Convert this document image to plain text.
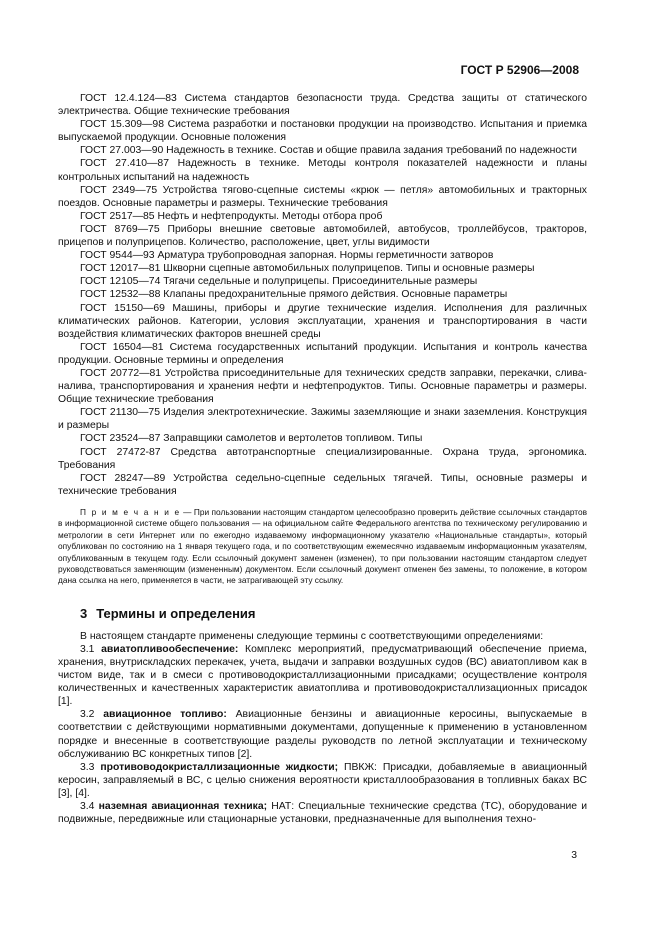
ГОСТ Р 52906—2008

ГОСТ 12.4.124—83 Система стандартов безопасности труда. Средства защиты от статического электричества. Общие технические требования

ГОСТ 15.309—98 Система разработки и постановки продукции на производство. Испытания и приемка выпускаемой продукции. Основные положения

ГОСТ 27.003—90 Надежность в технике. Состав и общие правила задания требований по надежности

ГОСТ 27.410—87 Надежность в технике. Методы контроля показателей надежности и планы контрольных испытаний на надежность

ГОСТ 2349—75 Устройства тягово-сцепные системы «крюк — петля» автомобильных и тракторных поездов. Основные параметры и размеры. Технические требования

ГОСТ 2517—85 Нефть и нефтепродукты. Методы отбора проб

ГОСТ 8769—75 Приборы внешние световые автомобилей, автобусов, троллейбусов, тракторов, прицепов и полуприцепов. Количество, расположение, цвет, углы видимости

ГОСТ 9544—93 Арматура трубопроводная запорная. Нормы герметичности затворов

ГОСТ 12017—81 Шкворни сцепные автомобильных полуприцепов. Типы и основные размеры

ГОСТ 12105—74 Тягачи седельные и полуприцепы. Присоединительные размеры

ГОСТ 12532—88 Клапаны предохранительные прямого действия. Основные параметры

ГОСТ 15150—69 Машины, приборы и другие технические изделия. Исполнения для различных климатических районов. Категории, условия эксплуатации, хранения и транспортирования в части воздействия климатических факторов внешней среды

ГОСТ 16504—81 Система государственных испытаний продукции. Испытания и контроль качества продукции. Основные термины и определения

ГОСТ 20772—81 Устройства присоединительные для технических средств заправки, перекачки, слива-налива, транспортирования и хранения нефти и нефтепродуктов. Типы. Основные параметры и размеры. Общие технические требования

ГОСТ 21130—75 Изделия электротехнические. Зажимы заземляющие и знаки заземления. Конструкция и размеры

ГОСТ 23524—87 Заправщики самолетов и вертолетов топливом. Типы

ГОСТ 27472-87 Средства автотранспортные специализированные. Охрана труда, эргономика. Требования

ГОСТ 28247—89 Устройства седельно-сцепные седельных тягачей. Типы, основные размеры и технические требования

П р и м е ч а н и е — При пользовании настоящим стандартом целесообразно проверить действие ссылочных стандартов в информационной системе общего пользования — на официальном сайте Федерального агентства по техническому регулированию и метрологии в сети Интернет или по ежегодно издаваемому информационному указателю «Национальные стандарты», который опубликован по состоянию на 1 января текущего года, и по соответствующим ежемесячно издаваемым информационным указателям, опубликованным в текущем году. Если ссылочный документ заменен (изменен), то при пользовании настоящим стандартом следует руководствоваться заменяющим (измененным) документом. Если ссылочный документ отменен без замены, то положение, в котором дана ссылка на него, применяется в части, не затрагивающей эту ссылку.

3 Термины и определения

В настоящем стандарте применены следующие термины с соответствующими определениями:

3.1 авиатопливообеспечение: Комплекс мероприятий, предусматривающий обеспечение приема, хранения, внутрискладских перекачек, учета, выдачи и заправки воздушных судов (ВС) авиатопливом как в чистом виде, так и в смеси с противоводокристаллизационными присадками; осуществление контроля количественных и качественных характеристик авиатоплива и противоводокристаллизационных присадок [1].

3.2 авиационное топливо: Авиационные бензины и авиационные керосины, выпускаемые в соответствии с действующими нормативными документами, допущенные к применению в установленном порядке и внесенные в соответствующие разделы руководств по летной эксплуатации и техническому обслуживанию ВС конкретных типов [2].

3.3 противоводокристаллизационные жидкости; ПВКЖ: Присадки, добавляемые в авиационный керосин, заправляемый в ВС, с целью снижения вероятности кристаллообразования в топливных баках ВС [3], [4].

3.4 наземная авиационная техника; НАТ: Специальные технические средства (ТС), оборудование и подвижные, передвижные или стационарные установки, предназначенные для выполнения техно-

3
